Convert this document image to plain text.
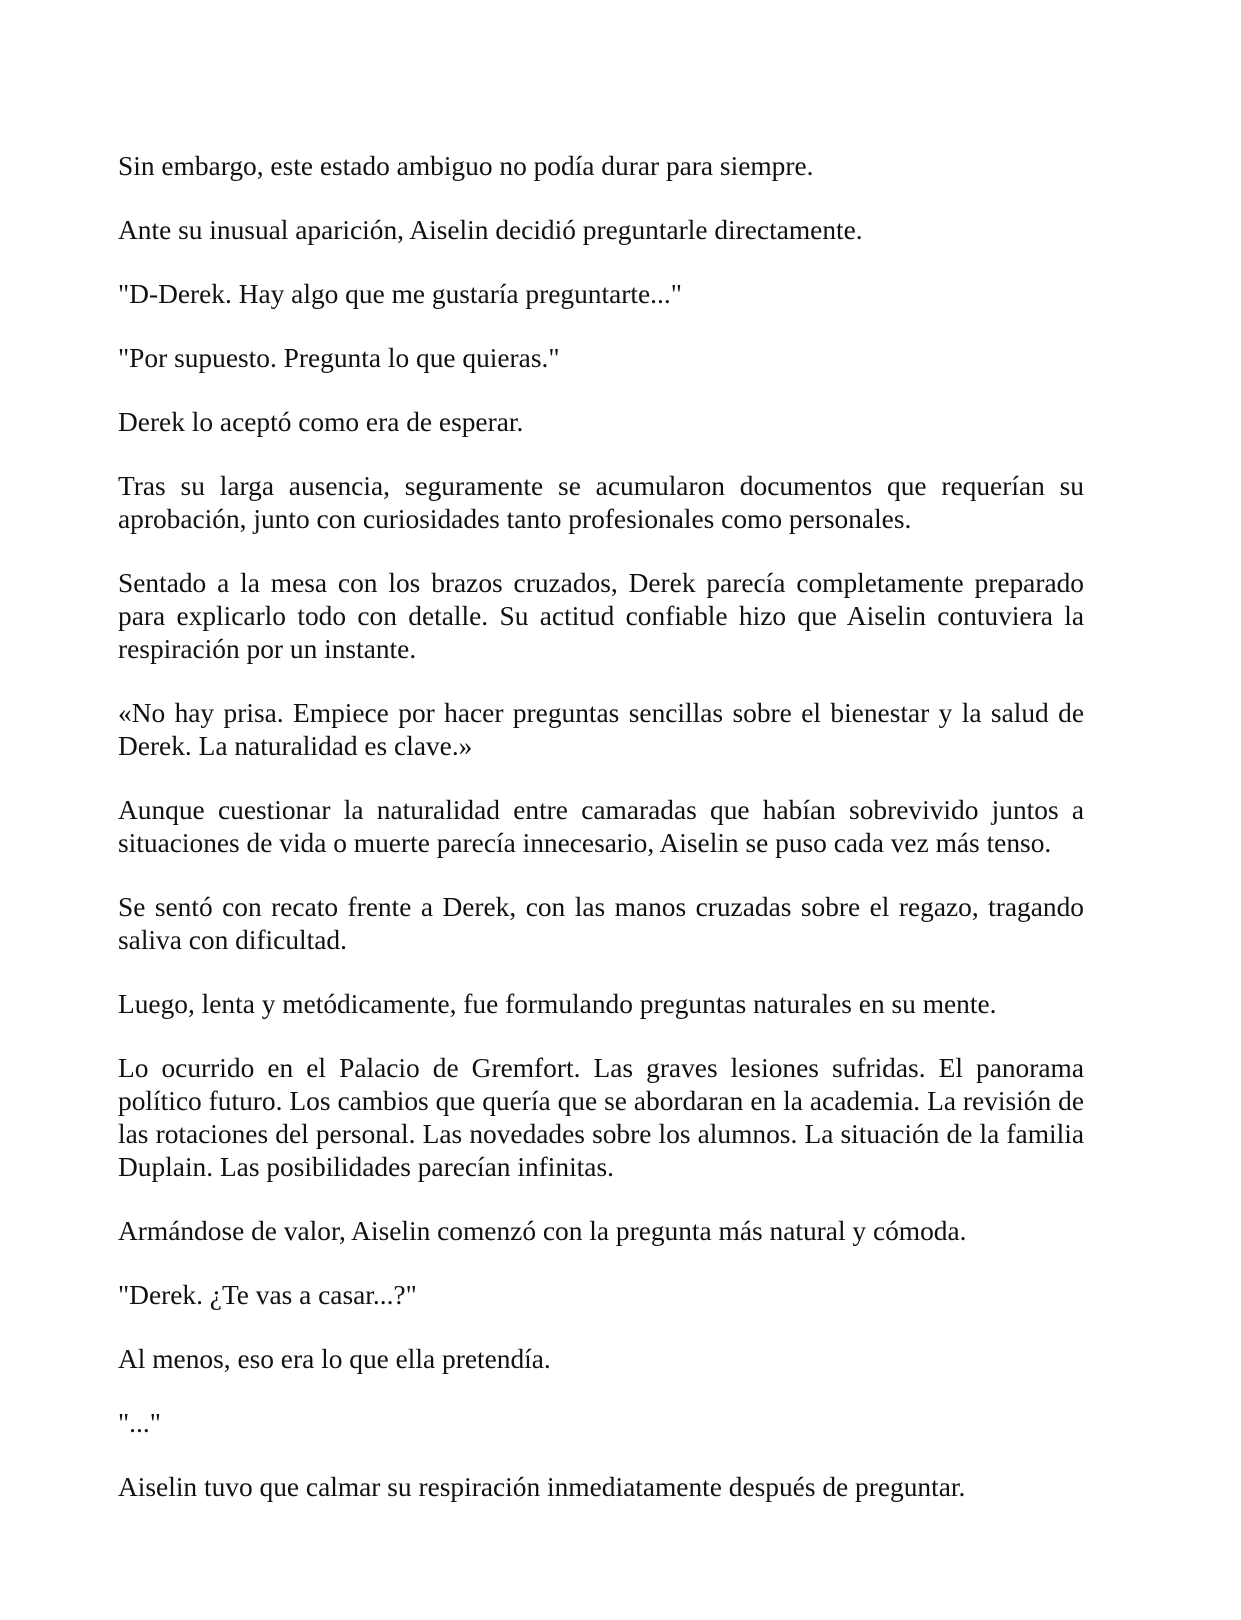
Sin embargo, este estado ambiguo no podía durar para siempre.

Ante su inusual aparición, Aiselin decidió preguntarle directamente.

"D-Derek. Hay algo que me gustaría preguntarte..."

"Por supuesto. Pregunta lo que quieras."

Derek lo aceptó como era de esperar.

Tras su larga ausencia, seguramente se acumularon documentos que requerían su aprobación, junto con curiosidades tanto profesionales como personales.

Sentado a la mesa con los brazos cruzados, Derek parecía completamente preparado para explicarlo todo con detalle. Su actitud confiable hizo que Aiselin contuviera la respiración por un instante.

«No hay prisa. Empiece por hacer preguntas sencillas sobre el bienestar y la salud de Derek. La naturalidad es clave.»

Aunque cuestionar la naturalidad entre camaradas que habían sobrevivido juntos a situaciones de vida o muerte parecía innecesario, Aiselin se puso cada vez más tenso.

Se sentó con recato frente a Derek, con las manos cruzadas sobre el regazo, tragando saliva con dificultad.

Luego, lenta y metódicamente, fue formulando preguntas naturales en su mente.

Lo ocurrido en el Palacio de Gremfort. Las graves lesiones sufridas. El panorama político futuro. Los cambios que quería que se abordaran en la academia. La revisión de las rotaciones del personal. Las novedades sobre los alumnos. La situación de la familia Duplain. Las posibilidades parecían infinitas.

Armándose de valor, Aiselin comenzó con la pregunta más natural y cómoda.

"Derek. ¿Te vas a casar...?"

Al menos, eso era lo que ella pretendía.

"..."

Aiselin tuvo que calmar su respiración inmediatamente después de preguntar.
